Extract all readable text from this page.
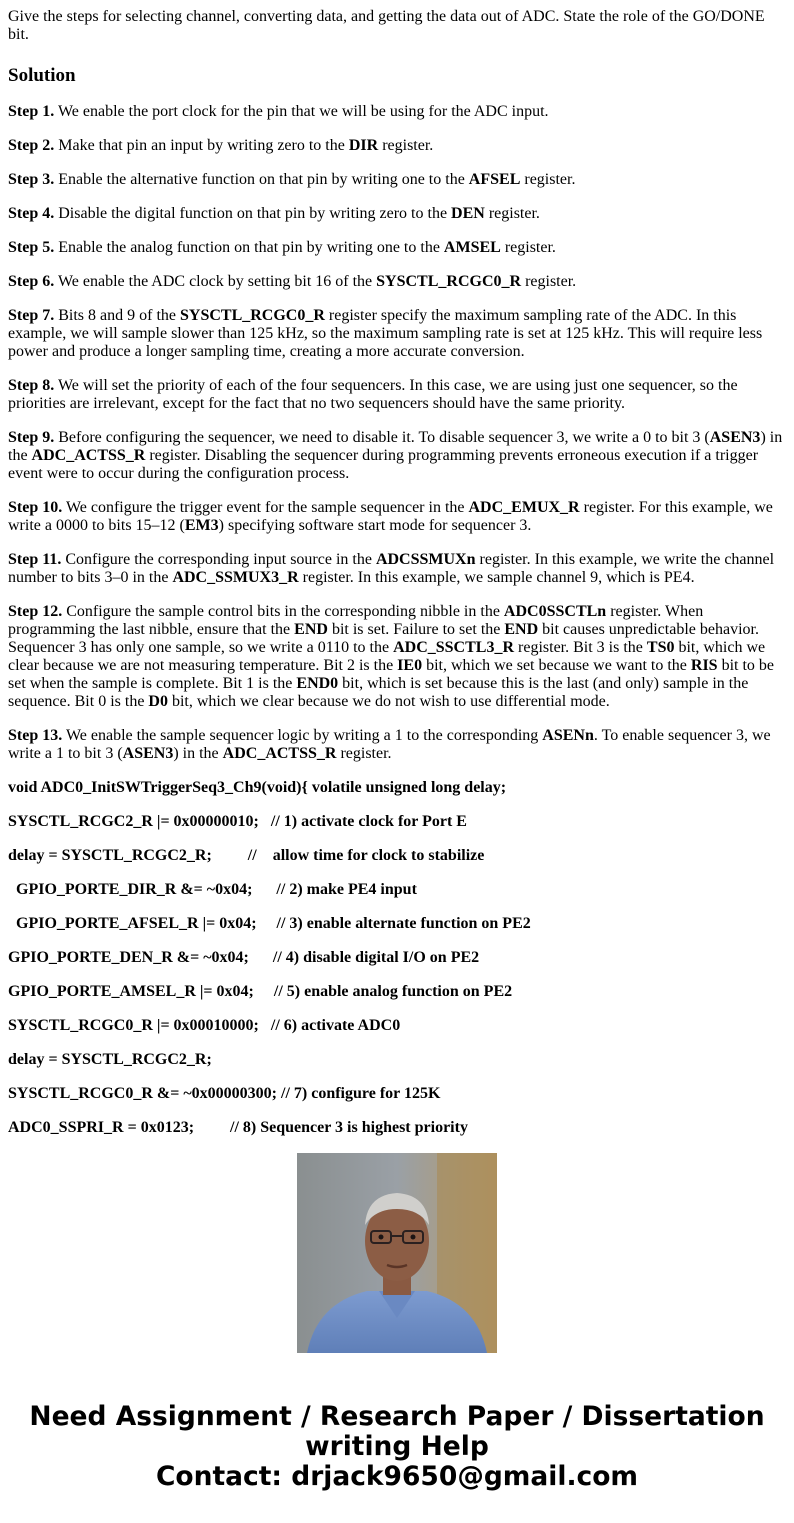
Give the steps for selecting channel, converting data, and getting the data out of ADC. State the role of the GO/DONE bit.

Solution

Step 1. We enable the port clock for the pin that we will be using for the ADC input.

Step 2. Make that pin an input by writing zero to the DIR register.

Step 3. Enable the alternative function on that pin by writing one to the AFSEL register.

Step 4. Disable the digital function on that pin by writing zero to the DEN register.

Step 5. Enable the analog function on that pin by writing one to the AMSEL register.

Step 6. We enable the ADC clock by setting bit 16 of the SYSCTL_RCGC0_R register.

Step 7. Bits 8 and 9 of the SYSCTL_RCGC0_R register specify the maximum sampling rate of the ADC. In this example, we will sample slower than 125 kHz, so the maximum sampling rate is set at 125 kHz. This will require less power and produce a longer sampling time, creating a more accurate conversion.

Step 8. We will set the priority of each of the four sequencers. In this case, we are using just one sequencer, so the priorities are irrelevant, except for the fact that no two sequencers should have the same priority.

Step 9. Before configuring the sequencer, we need to disable it. To disable sequencer 3, we write a 0 to bit 3 (ASEN3) in the ADC_ACTSS_R register. Disabling the sequencer during programming prevents erroneous execution if a trigger event were to occur during the configuration process.

Step 10. We configure the trigger event for the sample sequencer in the ADC_EMUX_R register. For this example, we write a 0000 to bits 15–12 (EM3) specifying software start mode for sequencer 3.

Step 11. Configure the corresponding input source in the ADCSSMUXn register. In this example, we write the channel number to bits 3–0 in the ADC_SSMUX3_R register. In this example, we sample channel 9, which is PE4.

Step 12. Configure the sample control bits in the corresponding nibble in the ADC0SSCTLn register. When programming the last nibble, ensure that the END bit is set. Failure to set the END bit causes unpredictable behavior. Sequencer 3 has only one sample, so we write a 0110 to the ADC_SSCTL3_R register. Bit 3 is the TS0 bit, which we clear because we are not measuring temperature. Bit 2 is the IE0 bit, which we set because we want to the RIS bit to be set when the sample is complete. Bit 1 is the END0 bit, which is set because this is the last (and only) sample in the sequence. Bit 0 is the D0 bit, which we clear because we do not wish to use differential mode.

Step 13. We enable the sample sequencer logic by writing a 1 to the corresponding ASENn. To enable sequencer 3, we write a 1 to bit 3 (ASEN3) in the ADC_ACTSS_R register.

void ADC0_InitSWTriggerSeq3_Ch9(void){ volatile unsigned long delay;

SYSCTL_RCGC2_R |= 0x00000010;   // 1) activate clock for Port E

delay = SYSCTL_RCGC2_R;         //    allow time for clock to stabilize

GPIO_PORTE_DIR_R &= ~0x04;      // 2) make PE4 input

GPIO_PORTE_AFSEL_R |= 0x04;     // 3) enable alternate function on PE2

GPIO_PORTE_DEN_R &= ~0x04;      // 4) disable digital I/O on PE2

GPIO_PORTE_AMSEL_R |= 0x04;     // 5) enable analog function on PE2

SYSCTL_RCGC0_R |= 0x00010000;   // 6) activate ADC0

delay = SYSCTL_RCGC2_R;

SYSCTL_RCGC0_R &= ~0x00000300; // 7) configure for 125K

ADC0_SSPRI_R = 0x0123;         // 8) Sequencer 3 is highest priority

Need Assignment / Research Paper / Dissertation
writing Help
Contact: drjack9650@gmail.com
